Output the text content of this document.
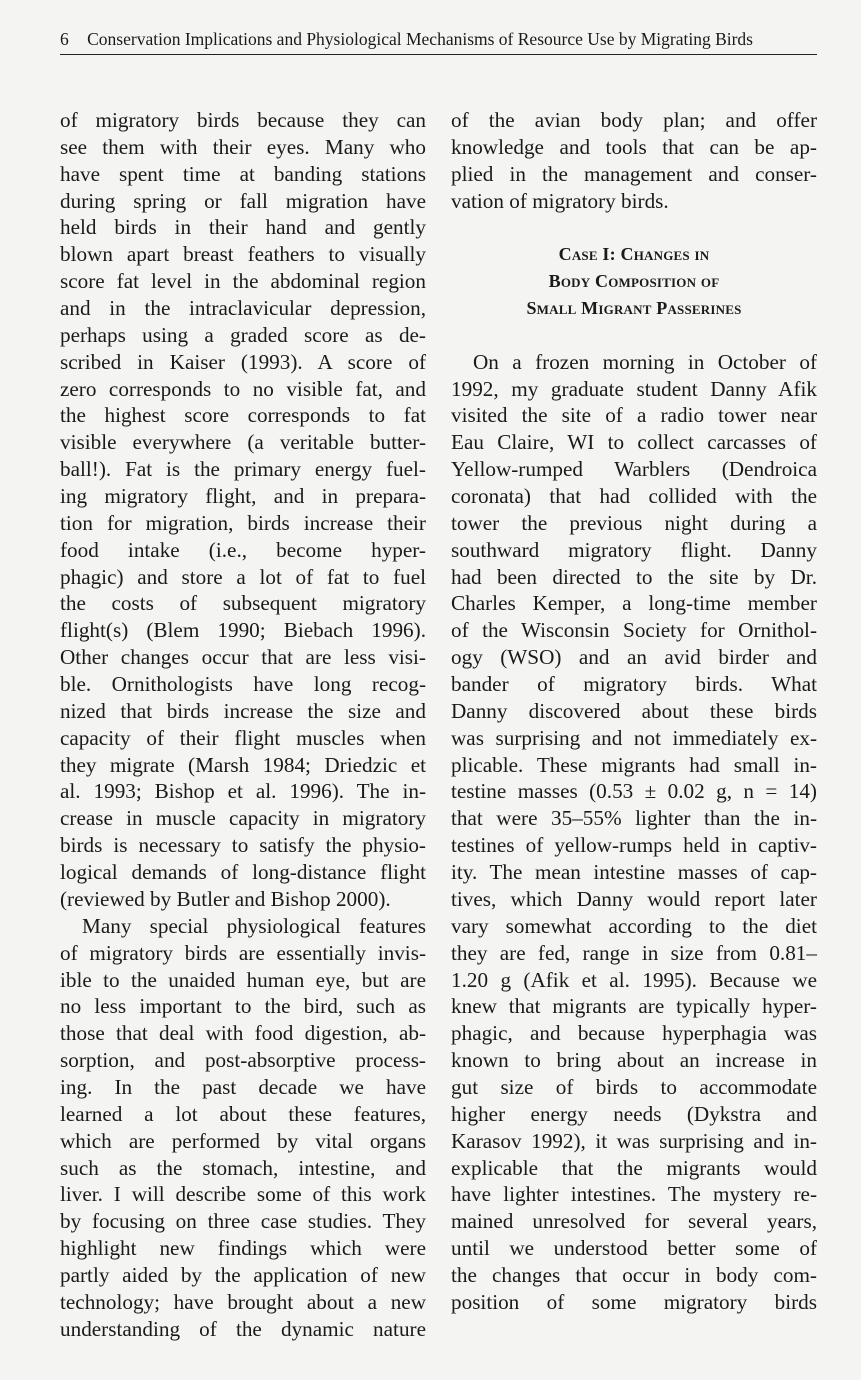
6 Conservation Implications and Physiological Mechanisms of Resource Use by Migrating Birds
of migratory birds because they can
see them with their eyes. Many who
have spent time at banding stations
during spring or fall migration have
held birds in their hand and gently
blown apart breast feathers to visually
score fat level in the abdominal region
and in the intraclavicular depression,
perhaps using a graded score as de-
scribed in Kaiser (1993). A score of
zero corresponds to no visible fat, and
the highest score corresponds to fat
visible everywhere (a veritable butter-
ball!). Fat is the primary energy fuel-
ing migratory flight, and in prepara-
tion for migration, birds increase their
food intake (i.e., become hyper-
phagic) and store a lot of fat to fuel
the costs of subsequent migratory
flight(s) (Blem 1990; Biebach 1996).
Other changes occur that are less visi-
ble. Ornithologists have long recog-
nized that birds increase the size and
capacity of their flight muscles when
they migrate (Marsh 1984; Driedzic et
al. 1993; Bishop et al. 1996). The in-
crease in muscle capacity in migratory
birds is necessary to satisfy the physio-
logical demands of long-distance flight
(reviewed by Butler and Bishop 2000).
Many special physiological features
of migratory birds are essentially invis-
ible to the unaided human eye, but are
no less important to the bird, such as
those that deal with food digestion, ab-
sorption, and post-absorptive process-
ing. In the past decade we have
learned a lot about these features,
which are performed by vital organs
such as the stomach, intestine, and
liver. I will describe some of this work
by focusing on three case studies. They
highlight new findings which were
partly aided by the application of new
technology; have brought about a new
understanding of the dynamic nature
of the avian body plan; and offer
knowledge and tools that can be ap-
plied in the management and conser-
vation of migratory birds.
Case I: Changes in
Body Composition of
Small Migrant Passerines
On a frozen morning in October of
1992, my graduate student Danny Afik
visited the site of a radio tower near
Eau Claire, WI to collect carcasses of
Yellow-rumped Warblers (Dendroica
coronata) that had collided with the
tower the previous night during a
southward migratory flight. Danny
had been directed to the site by Dr.
Charles Kemper, a long-time member
of the Wisconsin Society for Ornithol-
ogy (WSO) and an avid birder and
bander of migratory birds. What
Danny discovered about these birds
was surprising and not immediately ex-
plicable. These migrants had small in-
testine masses (0.53 ± 0.02 g, n = 14)
that were 35–55% lighter than the in-
testines of yellow-rumps held in captiv-
ity. The mean intestine masses of cap-
tives, which Danny would report later
vary somewhat according to the diet
they are fed, range in size from 0.81–
1.20 g (Afik et al. 1995). Because we
knew that migrants are typically hyper-
phagic, and because hyperphagia was
known to bring about an increase in
gut size of birds to accommodate
higher energy needs (Dykstra and
Karasov 1992), it was surprising and in-
explicable that the migrants would
have lighter intestines. The mystery re-
mained unresolved for several years,
until we understood better some of
the changes that occur in body com-
position of some migratory birds
